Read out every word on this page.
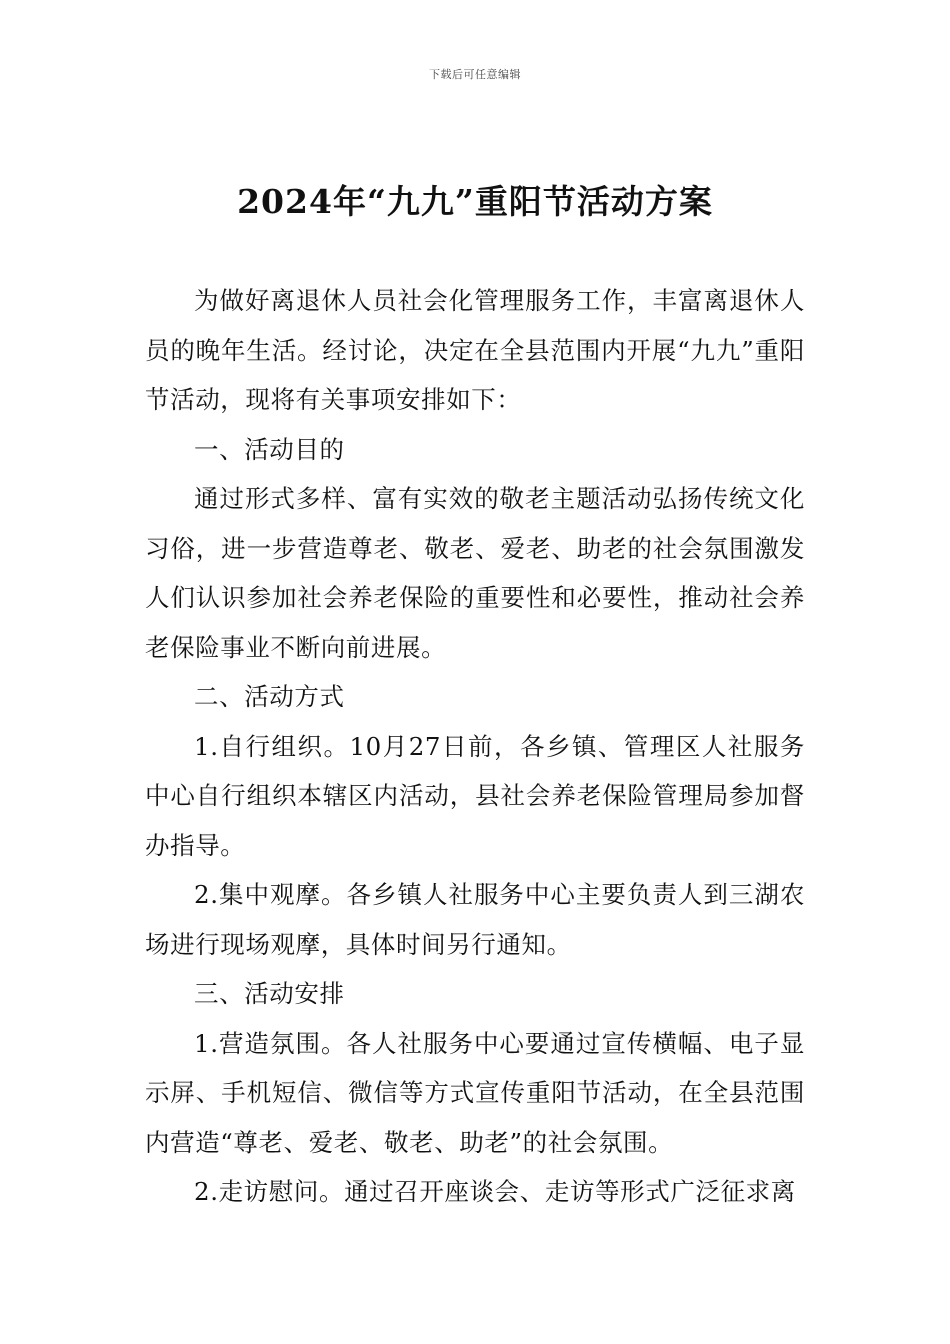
下载后可任意编辑
2024年“九九”重阳节活动方案

为做好离退休人员社会化管理服务工作，丰富离退休人员的晚年生活。经讨论，决定在全县范围内开展“九九”重阳节活动，现将有关事项安排如下：

一、活动目的

通过形式多样、富有实效的敬老主题活动弘扬传统文化习俗，进一步营造尊老、敬老、爱老、助老的社会氛围激发人们认识参加社会养老保险的重要性和必要性，推动社会养老保险事业不断向前进展。

二、活动方式

1.自行组织。10月27日前，各乡镇、管理区人社服务中心自行组织本辖区内活动，县社会养老保险管理局参加督办指导。

2.集中观摩。各乡镇人社服务中心主要负责人到三湖农场进行现场观摩，具体时间另行通知。

三、活动安排

1.营造氛围。各人社服务中心要通过宣传横幅、电子显示屏、手机短信、微信等方式宣传重阳节活动，在全县范围内营造“尊老、爱老、敬老、助老”的社会氛围。

2.走访慰问。通过召开座谈会、走访等形式广泛征求离
